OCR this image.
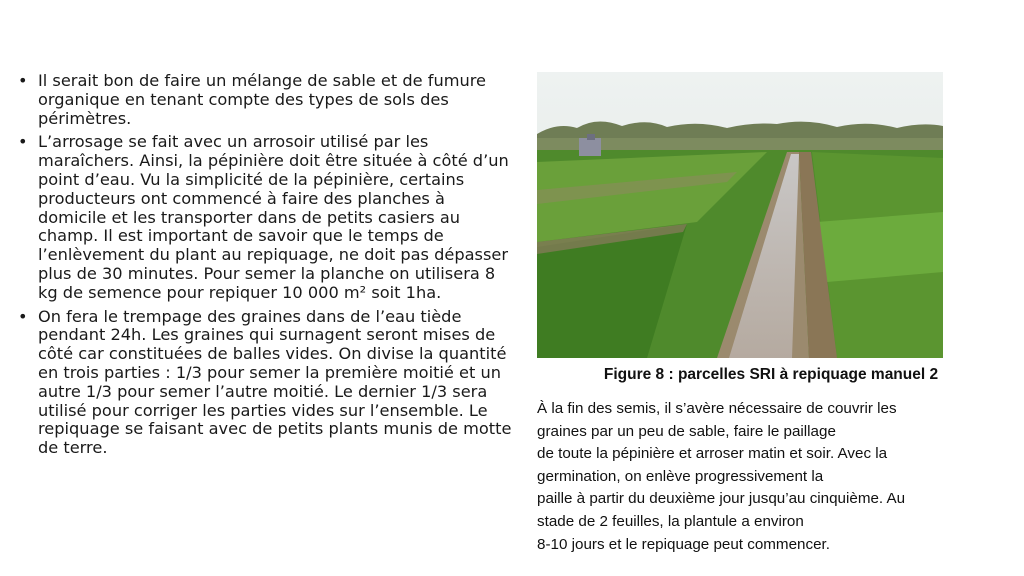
• Il serait bon de faire un mélange de sable et de fumure organique en tenant compte des types de sols des périmètres.
• L’arrosage se fait avec un arrosoir utilisé par les maraîchers. Ainsi, la pépinière doit être située à côté d’un point d’eau. Vu la simplicité de la pépinière, certains producteurs ont commencé à faire des planches à domicile et les transporter dans de petits casiers au champ. Il est important de savoir que le temps de l’enlèvement du plant au repiquage, ne doit pas dépasser plus de 30 minutes. Pour semer la planche on utilisera 8 kg de semence pour repiquer 10 000 m² soit 1ha.
• On fera le trempage des graines dans de l’eau tiède pendant 24h. Les graines qui surnagent seront mises de côté car constituées de balles vides. On divise la quantité en trois parties : 1/3 pour semer la première moitié et un autre 1/3 pour semer l’autre moitié. Le dernier 1/3 sera utilisé pour corriger les parties vides sur l’ensemble. Le repiquage se faisant avec de petits plants munis de motte de terre.
Figure 8 : parcelles SRI à repiquage manuel 2
À la fin des semis, il s’avère nécessaire de couvrir les
graines par un peu de sable, faire le paillage
de toute la pépinière et arroser matin et soir. Avec la
germination, on enlève progressivement la
paille à partir du deuxième jour jusqu’au cinquième. Au
stade de 2 feuilles, la plantule a environ
8-10 jours et le repiquage peut commencer.
